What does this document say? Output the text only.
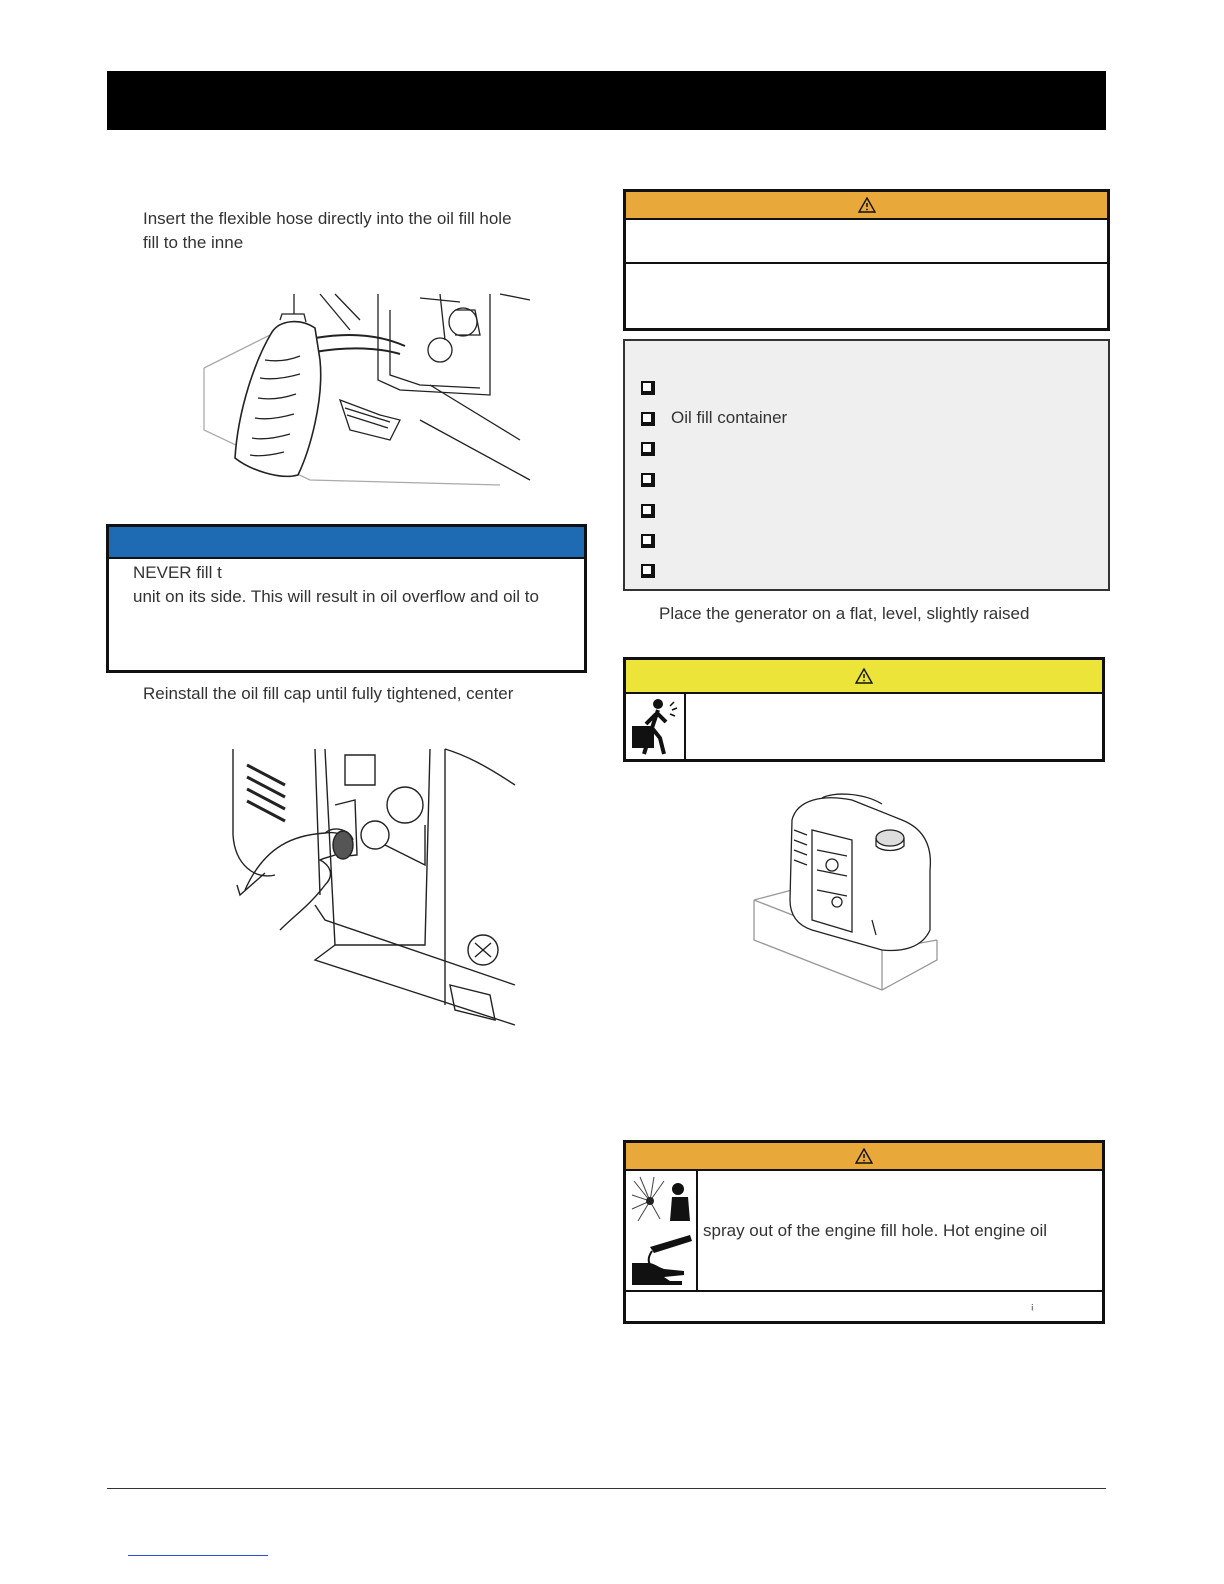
Insert the flexible hose directly into the oil fill hole
fill to the inne
NEVER fill t
unit on its side. This will result in oil overflow and oil to
Reinstall the oil fill cap until fully tightened, center
Oil fill container
Place the generator on a flat, level, slightly raised
spray out of the engine fill hole. Hot engine oil
ⁱ
